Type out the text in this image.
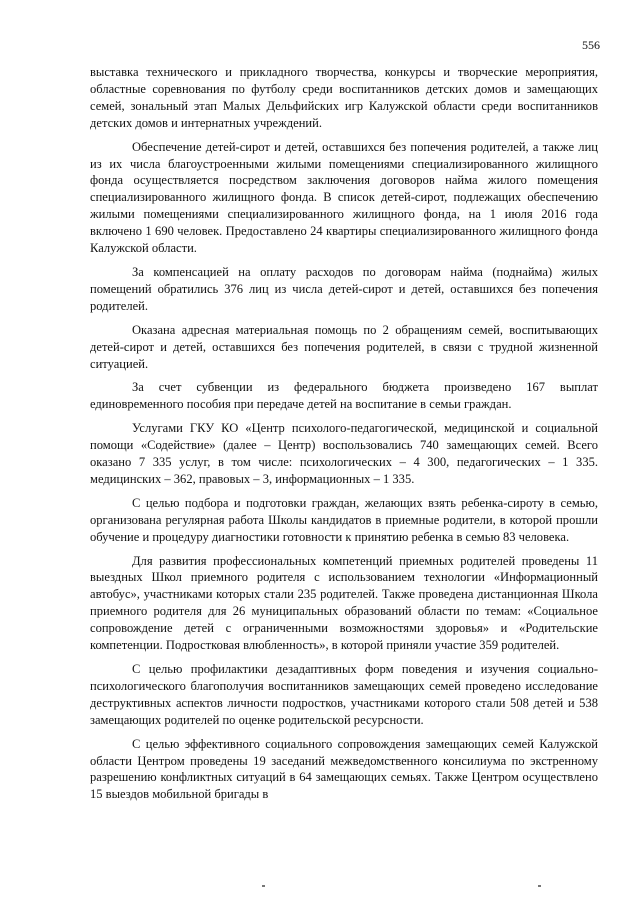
556

выставка технического и прикладного творчества, конкурсы и творческие мероприятия, областные соревнования по футболу среди воспитанников детских домов и замещающих семей, зональный этап Малых Дельфийских игр Калужской области среди воспитанников детских домов и интернатных учреждений.

Обеспечение детей-сирот и детей, оставшихся без попечения родителей, а также лиц из их числа благоустроенными жилыми помещениями специализированного жилищного фонда осуществляется посредством заключения договоров найма жилого помещения специализированного жилищного фонда. В список детей-сирот, подлежащих обеспечению жилыми помещениями специализированного жилищного фонда, на 1 июля 2016 года включено 1 690 человек. Предоставлено 24 квартиры специализированного жилищного фонда Калужской области.

За компенсацией на оплату расходов по договорам найма (поднайма) жилых помещений обратились 376 лиц из числа детей-сирот и детей, оставшихся без попечения родителей.

Оказана адресная материальная помощь по 2 обращениям семей, воспитывающих детей-сирот и детей, оставшихся без попечения родителей, в связи с трудной жизненной ситуацией.

За счет субвенции из федерального бюджета произведено 167 выплат единовременного пособия при передаче детей на воспитание в семьи граждан.

Услугами ГКУ КО «Центр психолого-педагогической, медицинской и социальной помощи «Содействие» (далее – Центр) воспользовались 740 замещающих семей. Всего оказано 7 335 услуг, в том числе: психологических – 4 300, педагогических – 1 335. медицинских – 362, правовых – 3, информационных – 1 335.

С целью подбора и подготовки граждан, желающих взять ребенка-сироту в семью, организована регулярная работа Школы кандидатов в приемные родители, в которой прошли обучение и процедуру диагностики готовности к принятию ребенка в семью 83 человека.

Для развития профессиональных компетенций приемных родителей проведены 11 выездных Школ приемного родителя с использованием технологии «Информационный автобус», участниками которых стали 235 родителей. Также проведена дистанционная Школа приемного родителя для 26 муниципальных образований области по темам: «Социальное сопровождение детей с ограниченными возможностями здоровья» и «Родительские компетенции. Подростковая влюбленность», в которой приняли участие 359 родителей.

С целью профилактики дезадаптивных форм поведения и изучения социально-психологического благополучия воспитанников замещающих семей проведено исследование деструктивных аспектов личности подростков, участниками которого стали 508 детей и 538 замещающих родителей по оценке родительской ресурсности.

С целью эффективного социального сопровождения замещающих семей Калужской области Центром проведены 19 заседаний межведомственного консилиума по экстренному разрешению конфликтных ситуаций в 64 замещающих семьях. Также Центром осуществлено 15 выездов мобильной бригады в
